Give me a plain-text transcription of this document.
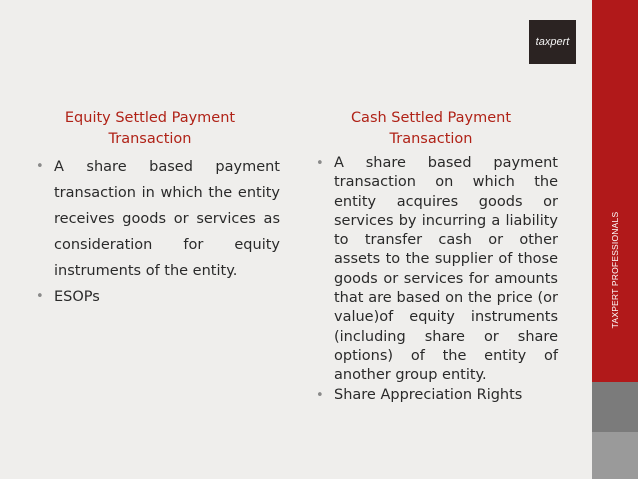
TAXPERT PROFESSIONALS
taxpert
Equity Settled Payment
Transaction
Cash Settled Payment
Transaction
• A share based payment transaction in which the entity receives goods or services as consideration for equity instruments of the entity.
• ESOPs
• A share based payment transaction on which the entity acquires goods or services by incurring a liability to transfer cash or other assets to the supplier of those goods or services for amounts that are based on the price (or value)of equity instruments (including share or share options) of the entity of another group entity.
• Share Appreciation Rights
